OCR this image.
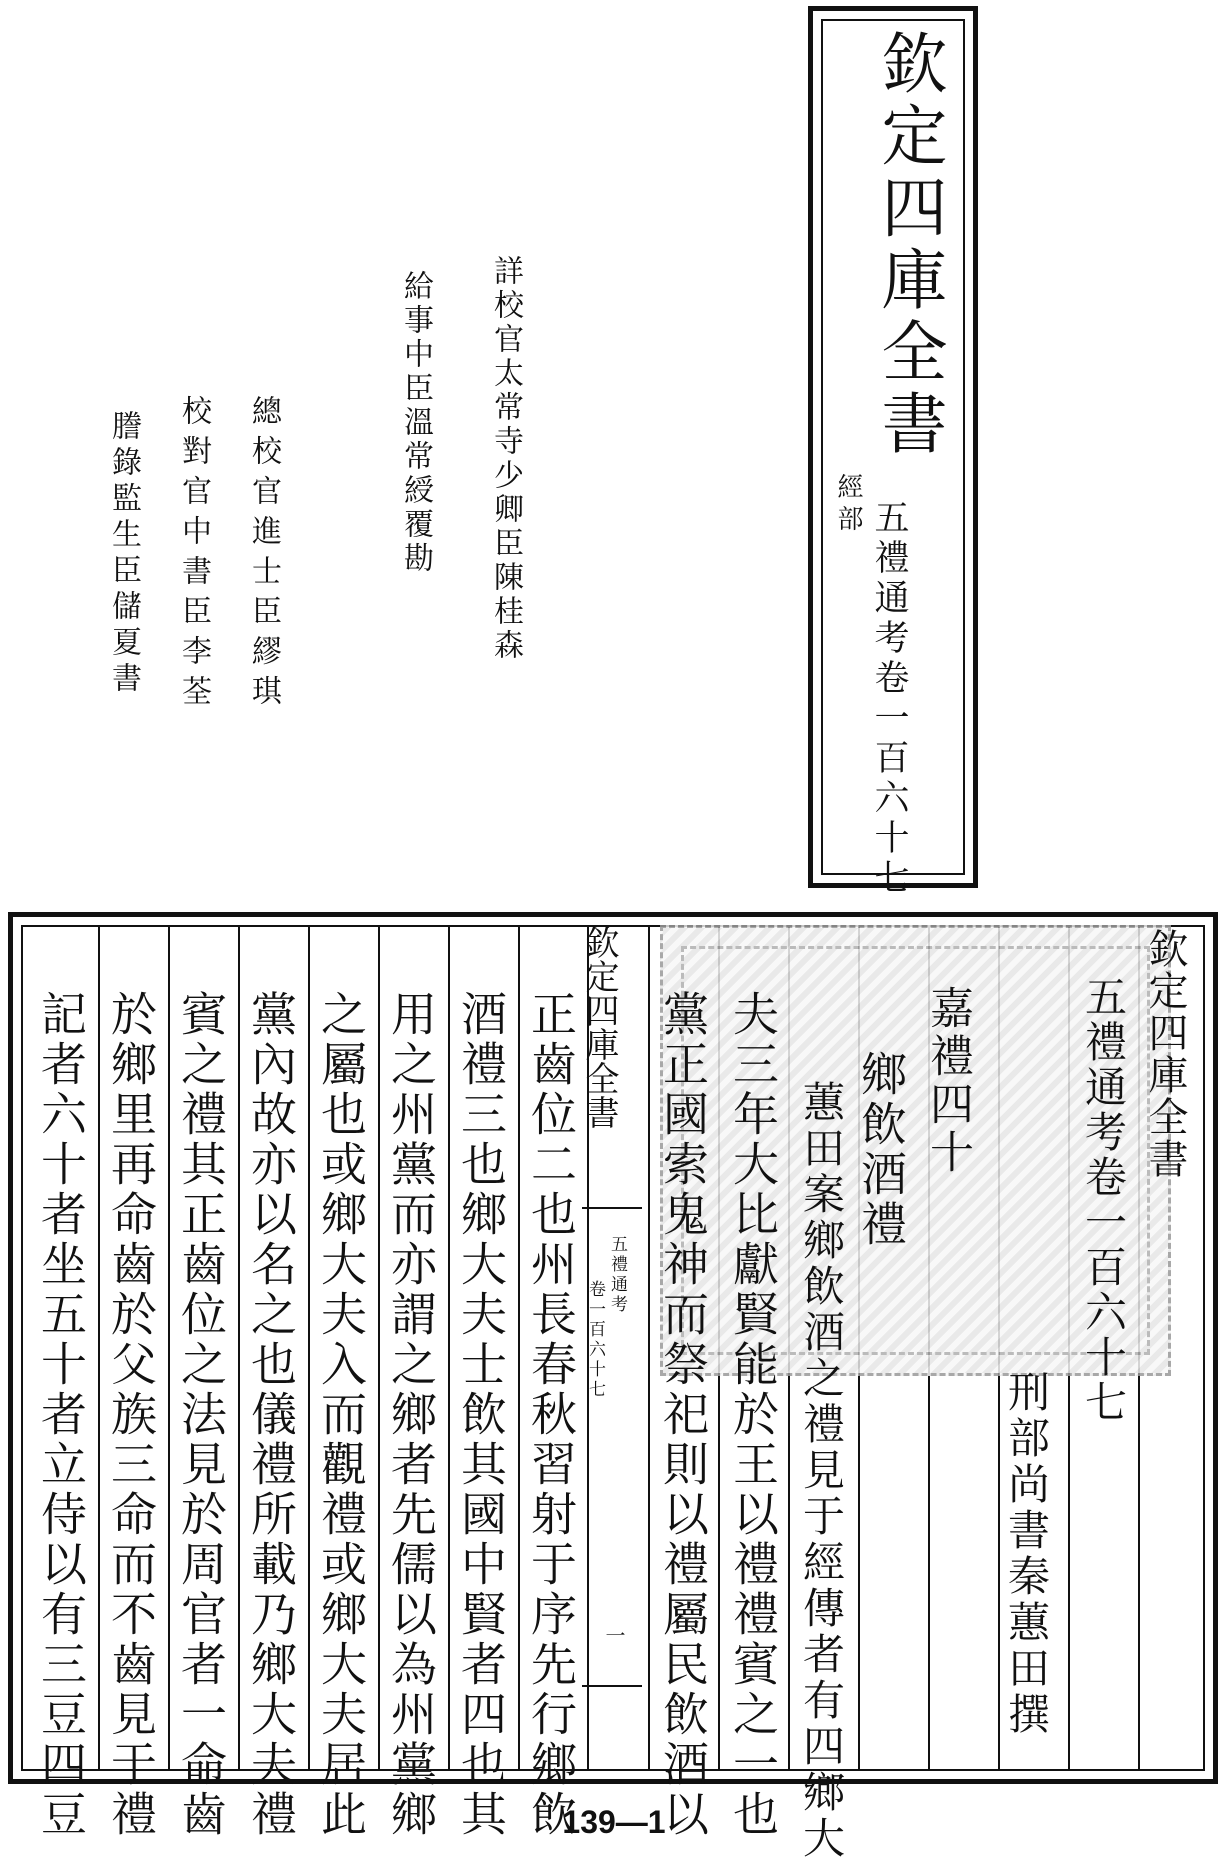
欽定四庫全書
經部 五禮通考卷一百六十七
詳校官太常寺少卿臣陳桂森
給事中臣溫常綬覆勘
總校官進士臣繆琪
校對官中書臣李荃
謄錄監生臣儲夏書
欽定四庫全書
五禮通考卷一百六十七
刑部尚書秦蕙田撰
嘉禮四十
鄉飲酒禮
蕙田案鄉飲酒之禮見于經傳者有四鄉大
夫三年大比獻賢能於王以禮禮賓之一也
黨正國索鬼神而祭祀則以禮屬民飲酒以
正齒位二也州長春秋習射于序先行鄉飲
酒禮三也鄉大夫士飲其國中賢者四也其
用之州黨而亦謂之鄉者先儒以為州黨鄉
之屬也或鄉大夫入而觀禮或鄉大夫居此
黨內故亦以名之也儀禮所載乃鄉大夫禮
賓之禮其正齒位之法見於周官者一命齒
於鄉里再命齒於父族三命而不齒見于禮
記者六十者坐五十者立侍以有三豆四豆	欽定四庫全書
五禮通考
卷一百六十七
一
139—1
